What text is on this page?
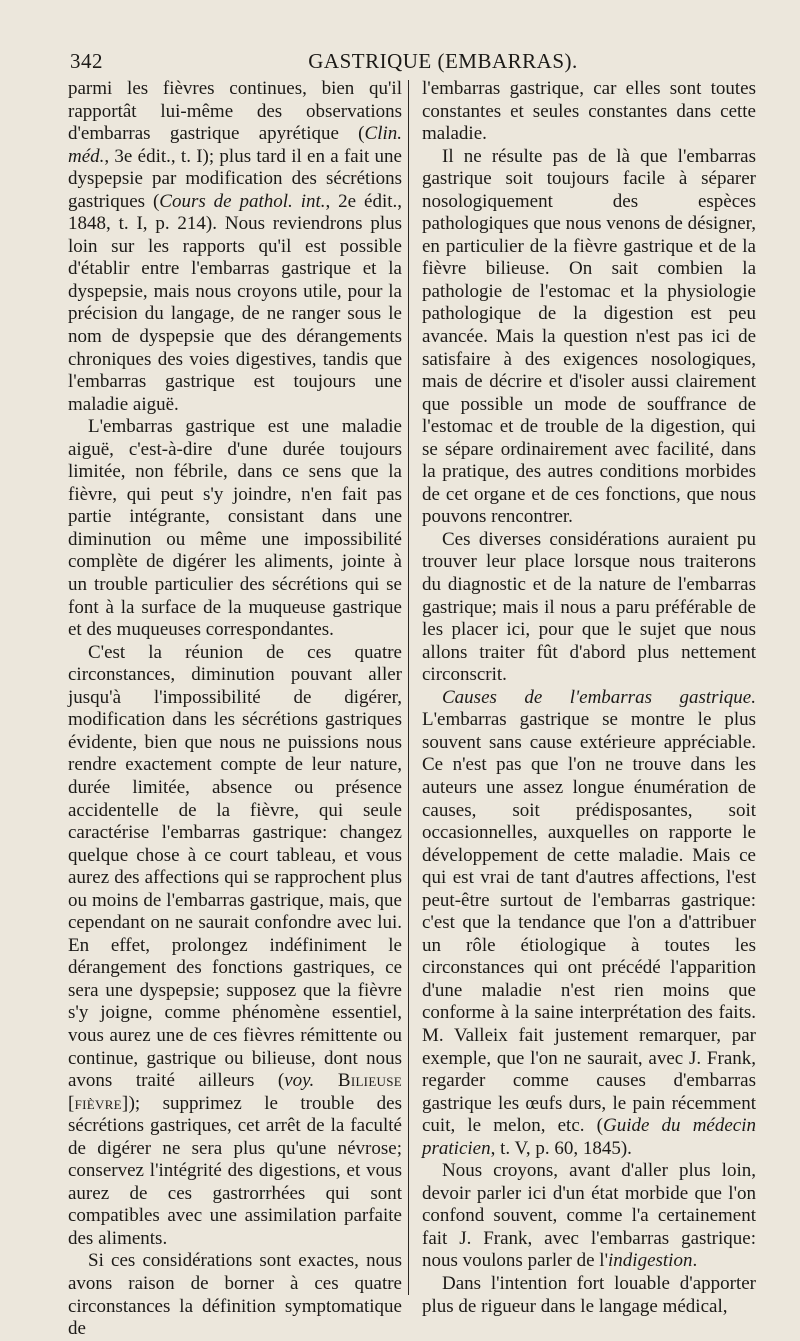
342	GASTRIQUE (EMBARRAS).

parmi les fièvres continues, bien qu'il rapportât lui-même des observations d'embarras gastrique apyrétique (Clin. méd., 3e édit., t. I); plus tard il en a fait une dyspepsie par modification des sécrétions gastriques (Cours de pathol. int., 2e édit., 1848, t. I, p. 214). Nous reviendrons plus loin sur les rapports qu'il est possible d'établir entre l'embarras gastrique et la dyspepsie, mais nous croyons utile, pour la précision du langage, de ne ranger sous le nom de dyspepsie que des dérangements chroniques des voies digestives, tandis que l'embarras gastrique est toujours une maladie aiguë.

L'embarras gastrique est une maladie aiguë, c'est-à-dire d'une durée toujours limitée, non fébrile, dans ce sens que la fièvre, qui peut s'y joindre, n'en fait pas partie intégrante, consistant dans une diminution ou même une impossibilité complète de digérer les aliments, jointe à un trouble particulier des sécrétions qui se font à la surface de la muqueuse gastrique et des muqueuses correspondantes.

C'est la réunion de ces quatre circonstances, diminution pouvant aller jusqu'à l'impossibilité de digérer, modification dans les sécrétions gastriques évidente, bien que nous ne puissions nous rendre exactement compte de leur nature, durée limitée, absence ou présence accidentelle de la fièvre, qui seule caractérise l'embarras gastrique: changez quelque chose à ce court tableau, et vous aurez des affections qui se rapprochent plus ou moins de l'embarras gastrique, mais, que cependant on ne saurait confondre avec lui. En effet, prolongez indéfiniment le dérangement des fonctions gastriques, ce sera une dyspepsie; supposez que la fièvre s'y joigne, comme phénomène essentiel, vous aurez une de ces fièvres rémittente ou continue, gastrique ou bilieuse, dont nous avons traité ailleurs (voy. Bilieuse [fièvre]); supprimez le trouble des sécrétions gastriques, cet arrêt de la faculté de digérer ne sera plus qu'une névrose; conservez l'intégrité des digestions, et vous aurez de ces gastrorrhées qui sont compatibles avec une assimilation parfaite des aliments.

Si ces considérations sont exactes, nous avons raison de borner à ces quatre circonstances la définition symptomatique de

l'embarras gastrique, car elles sont toutes constantes et seules constantes dans cette maladie.

Il ne résulte pas de là que l'embarras gastrique soit toujours facile à séparer nosologiquement des espèces pathologiques que nous venons de désigner, en particulier de la fièvre gastrique et de la fièvre bilieuse. On sait combien la pathologie de l'estomac et la physiologie pathologique de la digestion est peu avancée. Mais la question n'est pas ici de satisfaire à des exigences nosologiques, mais de décrire et d'isoler aussi clairement que possible un mode de souffrance de l'estomac et de trouble de la digestion, qui se sépare ordinairement avec facilité, dans la pratique, des autres conditions morbides de cet organe et de ces fonctions, que nous pouvons rencontrer.

Ces diverses considérations auraient pu trouver leur place lorsque nous traiterons du diagnostic et de la nature de l'embarras gastrique; mais il nous a paru préférable de les placer ici, pour que le sujet que nous allons traiter fût d'abord plus nettement circonscrit.

Causes de l'embarras gastrique. L'embarras gastrique se montre le plus souvent sans cause extérieure appréciable. Ce n'est pas que l'on ne trouve dans les auteurs une assez longue énumération de causes, soit prédisposantes, soit occasionnelles, auxquelles on rapporte le développement de cette maladie. Mais ce qui est vrai de tant d'autres affections, l'est peut-être surtout de l'embarras gastrique: c'est que la tendance que l'on a d'attribuer un rôle étiologique à toutes les circonstances qui ont précédé l'apparition d'une maladie n'est rien moins que conforme à la saine interprétation des faits. M. Valleix fait justement remarquer, par exemple, que l'on ne saurait, avec J. Frank, regarder comme causes d'embarras gastrique les œufs durs, le pain récemment cuit, le melon, etc. (Guide du médecin praticien, t. V, p. 60, 1845).

Nous croyons, avant d'aller plus loin, devoir parler ici d'un état morbide que l'on confond souvent, comme l'a certainement fait J. Frank, avec l'embarras gastrique: nous voulons parler de l'indigestion.

Dans l'intention fort louable d'apporter plus de rigueur dans le langage médical,
